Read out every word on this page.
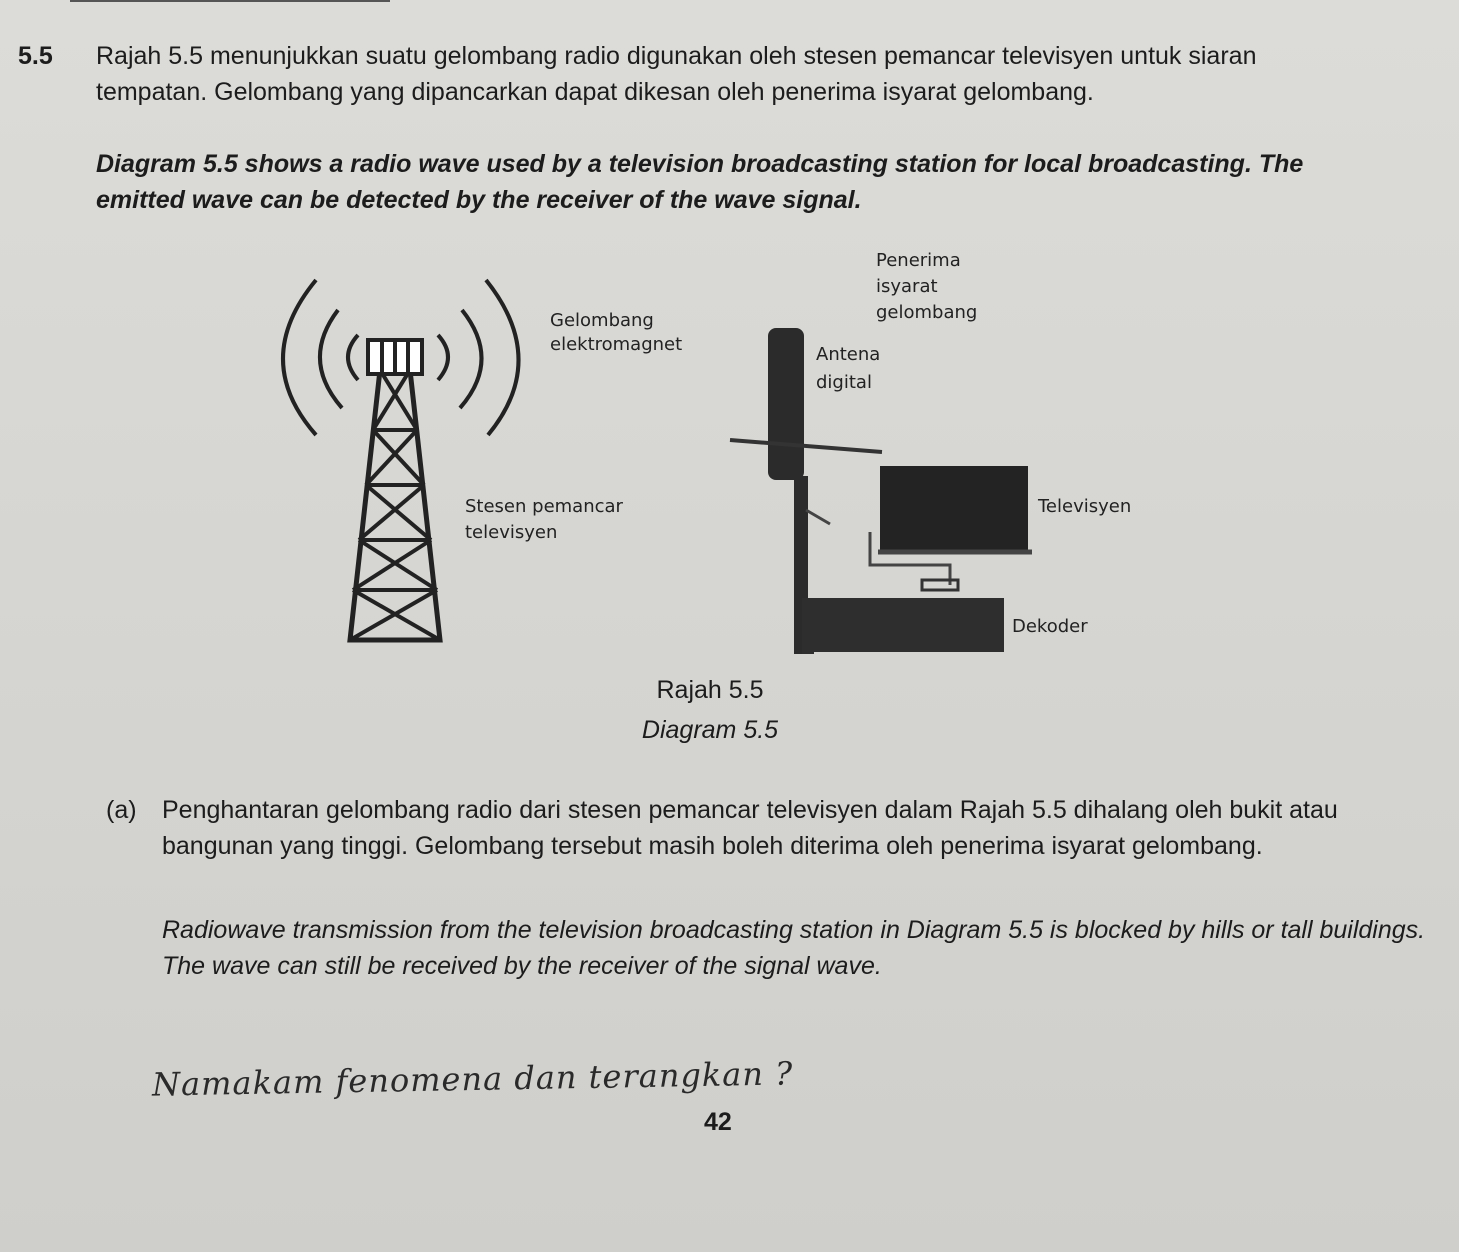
5.5 Rajah 5.5 menunjukkan suatu gelombang radio digunakan oleh stesen pemancar televisyen untuk siaran tempatan. Gelombang yang dipancarkan dapat dikesan oleh penerima isyarat gelombang.
Diagram 5.5 shows a radio wave used by a television broadcasting station for local broadcasting. The emitted wave can be detected by the receiver of the wave signal.
Gelombang
elektromagnet
Stesen pemancar
televisyen
Penerima
isyarat
gelombang
Antena
digital
Televisyen
Dekoder
Rajah 5.5
Diagram 5.5
(a) Penghantaran gelombang radio dari stesen pemancar televisyen dalam Rajah 5.5 dihalang oleh bukit atau bangunan yang tinggi. Gelombang tersebut masih boleh diterima oleh penerima isyarat gelombang.
Radiowave transmission from the television broadcasting station in Diagram 5.5 is blocked by hills or tall buildings. The wave can still be received by the receiver of the signal wave.
Namakam fenomena dan terangkan ?
42
